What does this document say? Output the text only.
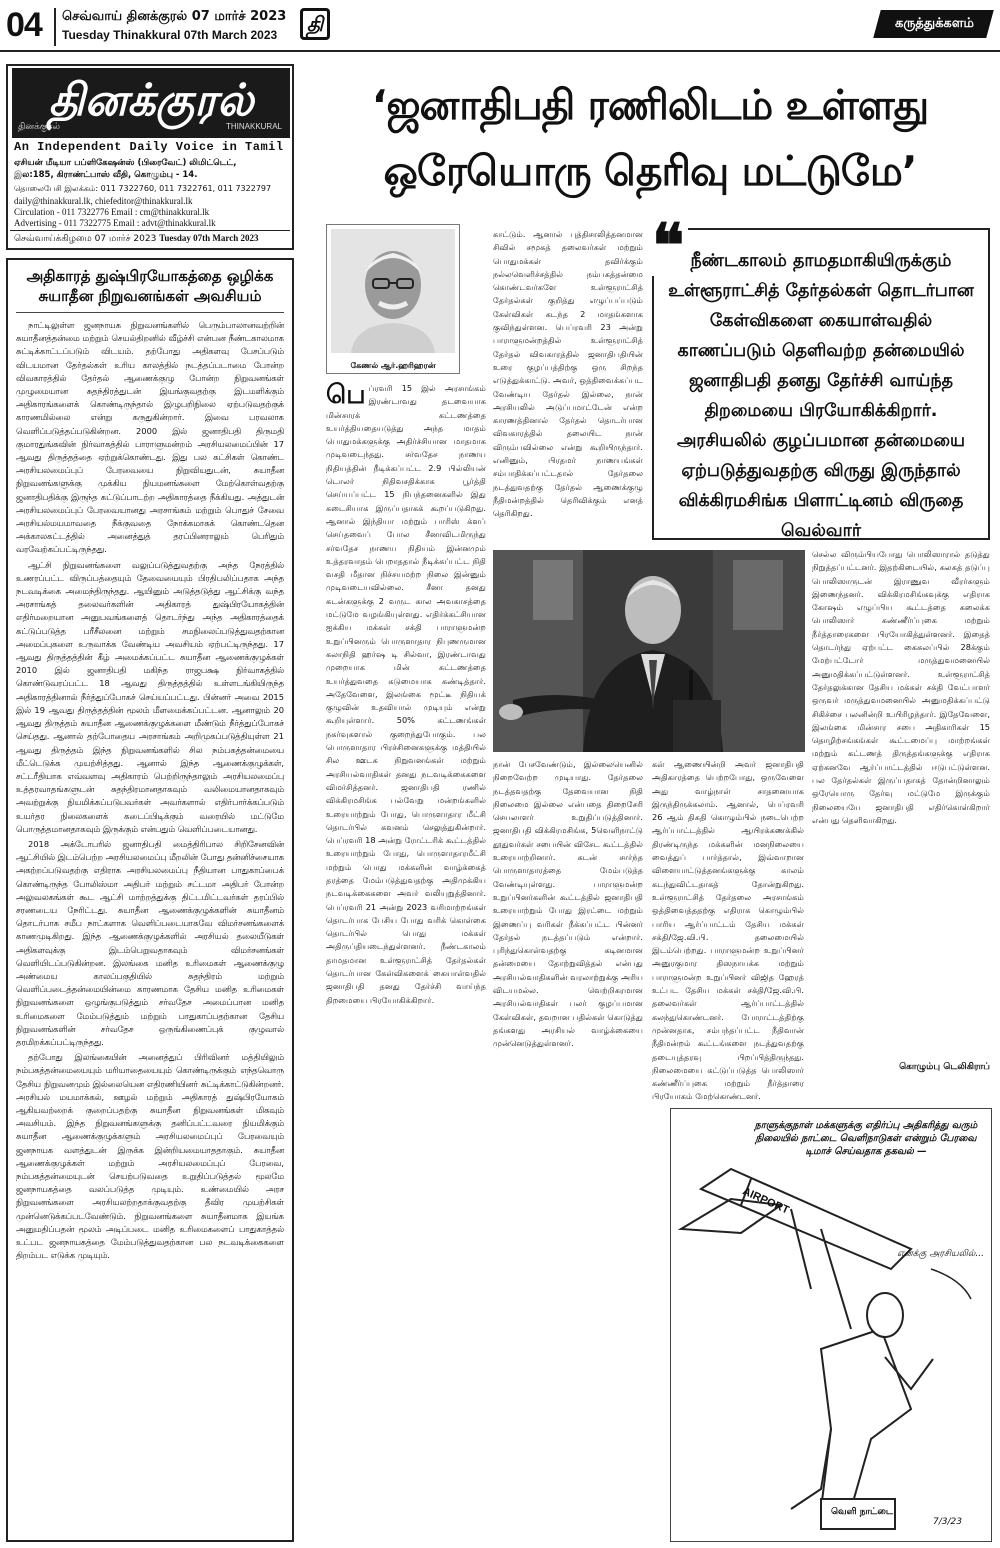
04 செவ்வாய் தினக்குரல் 07 மார்ச் 2023
Tuesday Thinakkural 07th March 2023	தி	கருத்துக்களம்
தினக்குரல்
தினக்குரல்	THINAKKURAL
An Independent Daily Voice in Tamil
ஏசியன் மீடியா பப்ளிகேஷன்ஸ் (பிரைவேட்) லிமிட்டெட்,
இல:185, கிராண்ட்பாஸ் வீதி, கொழும்பு - 14.
தொலைபேசி இலக்கம்: 011 7322760, 011 7322761, 011 7322797
daily@thinakkural.lk, chiefeditor@thinakkural.lk
Circulation - 011 7322776 Email : cm@thinakkural.lk
Advertising - 011 7322775 Email : advt@thinakkural.lk
செவ்வாய்க்கிழமை 07 மார்ச் 2023 Tuesday 07th March 2023
அதிகாரத் துஷ்பிரயோகத்தை ஒழிக்க
சுயாதீன நிறுவனங்கள் அவசியம்

நாட்டிலுள்ள ஜனநாயக நிறுவனங்களில் பெரும்பாலானவற்றின் சுயாதீனத்தன்மை மற்றும் செயல்திறனில் வீழ்ச்சி என்பன நீண்டகாலமாக சுட்டிக்காட்டப்படும் விடயம். தற்போது அதிகளவு பேசப்படும் விடயமான தேர்தல்கள் உரிய காலத்தில் நடத்தப்படாமை போன்ற விவகாரத்தில் தேர்தல் ஆணைக்குழு போன்ற நிறுவனங்கள் முழுமையான சுதந்திரத்துடன் இயங்குவதற்கு இடமளிக்கும் அதிகாரங்களைக் கொண்டிருந்தால் இழுபறிநிலை ஏற்படுவதற்குக் காரணமில்லை என்று கருதுகின்றார். இவை பரவலாக வெளிப்படுத்தப்படுகின்றன. 2000 இல் ஜனாதிபதி திருமதி குமாரதுங்கவின் நிர்வாகத்தில் பாராளுமன்றம் அரசியலமைப்பின் 17 ஆவது திருத்தத்தை ஏற்றுக்கொண்டது. இது பல கட்சிகள் கொண்ட அரசியலமைப்புப் பேரவையை நிறுவியதுடன், சுயாதீன நிறுவனங்களுக்கு முக்கிய நியமனங்களை மேற்கொள்வதற்கு ஜனாதிபதிக்கு இருந்த கட்டுப்பாடற்ற அதிகாரத்தை நீக்கியது. அத்துடன் அரசியலமைப்புப் பேரவையானது அரசாங்கம் மற்றும் பொதுச் சேவை அரசியல்மயமாவதை நீக்குவதை நோக்கமாகக் கொண்டதென அக்காலகட்டத்தில் அனைத்துத் தரப்பினராலும் பெரிதும் வரவேற்கப்பட்டிருந்தது.

ஆட்சி நிறுவனங்களை வலுப்படுத்துவதற்கு அந்த நேரத்தில் உணரப்பட்ட விருப்பத்தையும் தேவையையும் பிரதிபலிப்பதாக அந்த நடவடிக்கை அமைந்திருந்தது. ஆயினும் அடுத்தடுத்து ஆட்சிக்கு வந்த அரசாங்கத் தலைவர்களின் அதிகாரத் துஷ்பிரயோகத்தின் எதிர்மறையான அனுபவங்களைத் தொடர்ந்து அந்த அதிகாரத்தைக் கட்டுப்படுத்த பரீசீலனை மற்றும் சமநிலைப்படுத்துவதற்கான அமைப்புகளை உருவாக்க வேண்டிய அவசியம் ஏற்பட்டிருந்தது. 17 ஆவது திருத்தத்தின் கீழ் அமைக்கப்பட்ட சுயாதீன ஆணைக்குழுக்கள் 2010 இல் ஜனாதிபதி மகிந்த ராஜபக்ஷ நிர்வாகத்தில் கொண்டுவரப்பட்ட 18 ஆவது திருத்தத்தில் உள்ளடங்கியிருந்த அதிகாரத்தினால் நீர்த்துப்போகச் செய்யப்பட்டது. பின்னர் அவை 2015 இல் 19 ஆவது திருத்தத்தின் மூலம் மீளமைக்கப்பட்டன. ஆனாலும் 20 ஆவது திருத்தம் சுயாதீன ஆணைக்குழுக்களை மீண்டும் நீர்த்துப்போகச் செய்தது. ஆனால் தற்போதைய அரசாங்கம் அறிமுகப்படுத்தியுள்ள 21 ஆவது திருத்தம் இந்த நிறுவனங்களில் சில நம்பகத்தன்மையை மீட்டெடுக்க முயற்சித்தது. ஆனால் இந்த ஆணைக்குழுக்கள், சட்டரீதியாக எவ்வளவு அதிகாரம் பெற்றிருந்தாலும் அரசியலமைப்பு உத்தரவாதங்களுடன் சுதந்திரமானதாகவும் வலிமையானதாகவும் அவற்றுக்கு நியமிக்கப்படுபவர்கள் அவர்களால் எதிர்பார்க்கப்படும் உயர்தர நிலைகளைக் கடைப்பிடிக்கும் வரையில் மட்டுமே பொருத்தமானதாகவும் இருக்கும் என்பதும் வெளிப்படையானது.

2018 அக்டோபரில் ஜனாதிபதி மைத்திரிபால சிறிசேனவின் ஆட்சியில் இடம்பெற்ற அரசியலமைப்பு மீறலின் போது தன்னிச்சையாக அகற்றப்படுவதற்கு எதிராக அரசியலமைப்பு நீதியான பாதுகாப்பைக் கொண்டிருந்த போலிஸ்மா அதிபர் மற்றும் சட்டமா அதிபர் போன்ற அலுவலகங்கள் கூட ஆட்சி மாற்றத்துக்கு திட்டமிட்டவர்கள் தரப்பில் சரணடைய நேரிட்டது. சுயாதீன ஆணைக்குழுக்களின் சுயாதீனம் தொடர்பாக சமீப நாட்களாக வெளிப்படையாகவே விமர்சனங்களைக் காணமுடிகிறது. இந்த ஆணைக்குழுக்களில் அரசியல் தலையீடுகள் அதிகளவுக்கு இடம்பெறுவதாகவும் விமர்சனங்கள் வெளியிடப்படுகின்றன. இலங்கை மனித உரிமைகள் ஆணைக்குழு அண்மைய காலப்பகுதியில் சுதந்திரம் மற்றும் வெளிப்படைத்தன்மையின்மை காரணமாக தேசிய மனித உரிமைகள் நிறுவனங்களை ஒழுங்குபடுத்தும் சர்வதேச அமைப்பான மனித உரிமைகளை மேம்படுத்தும் மற்றும் பாதுகாப்பதற்கான தேசிய நிறுவனங்களின் சர்வதேச ஒருங்கிணைப்புக் குழுவால் தரமிறக்கப்பட்டிருந்தது.

தற்போது இலங்கையின் அனைத்துப் பிரிவினர் மத்தியிலும் நம்பகத்தன்மையையும் மரியாதையையும் கொண்டிருக்கும் எந்தவொரு தேசிய நிறுவனமும் இல்லையென எதிரணியினர் சுட்டிக்காட்டுகின்றனர். அரசியல் மயமாக்கல், ஊழல் மற்றும் அதிகாரத் துஷ்பிரயோகம் ஆகியவற்றைக் குறைப்பதற்கு சுயாதீன நிறுவனங்கள் மிகவும் அவசியம். இந்த நிறுவனங்களுக்கு தனிப்பட்டவரை நியமிக்கும் சுயாதீன ஆணைக்குழுக்களும் அரசியலமைப்புப் பேரவையும் ஜனநாயக வளத்துடன் இருக்க இன்றியமையாததாகும். சுயாதீன ஆணைக்குழுக்கள் மற்றும் அரசியலமைப்புப் பேரவை, நம்பகத்தன்மையுடன் செயற்படுவதை உறுதிப்படுத்தல் மூலமே ஜனநாயகத்தை வலப்படுத்த முடியும். உண்மையில் அரச நிறுவனங்களை அரசியலற்றதாக்குவதற்கு தீவிர முயற்சிகள் முன்னெடுக்கப்படவேண்டும். நிறுவனங்களை சுயாதீனமாக இயங்க அனுமதிப்பதன் மூலம் அடிப்படை மனித உரிமைகளைப் பாதுகாத்தல் உட்பட ஜனநாயகத்தை மேம்படுத்துவதற்கான பல நடவடிக்கைகளை திறம்பட எடுக்க முடியும்.

‘ஜனாதிபதி ரணிலிடம் உள்ளது
ஒரேயொரு தெரிவு மட்டுமே’
கேணல் ஆர்.ஹரிஹரன்
❝ நீண்டகாலம் தாமதமாகியிருக்கும் உள்ளூராட்சித் தேர்தல்கள் தொடர்பான கேள்விகளை கையாள்வதில் காணப்படும் தெளிவற்ற தன்மையில் ஜனாதிபதி தனது தேர்ச்சி வாய்ந்த திறமையை பிரயோகிக்கிறார். அரசியலில் குழப்பமான தன்மையை ஏற்படுத்துவதற்கு விருது இருந்தால் விக்கிரமசிங்க பிளாட்டினம் விருதை வெல்வார்

பெப்ரவரி 15 இல் அரசாங்கம் இரண்டாவது தடவையாக மின்சாரக் கட்டணத்தை உயர்த்தியதையடுத்து அந்த மாதம் பொதுமக்களுக்கு அதிர்ச்சியான மாதமாக முடிவடைந்தது. சர்வதேச நாணய நிதியத்தின் நீடிக்கப்பட்ட 2.9 பில்லியன் டொலர் நிதிவசதிக்காக பூர்த்தி செய்யப்பட்ட 15 நிபந்தனைகளில் இது கடைசியாக இருப்பதாகக் கூறப்படுகிறது. ஆனால் இந்தியா மற்றும் பாரிஸ் க்ளப் செய்தவைப் போல சீனாவிடமிருந்து சர்வதேச நாணய நிதியம் இன்னமும் உத்தரவாதம் பெறாததால் நீடிக்கப்பட்ட நிதி வசதி மீதான நிச்சயமற்ற நிலை இன்னும் முடிவடையவில்லை. சீனா தனது கடன்களுக்கு 2 வருட கால அவகாசத்தை மட்டுமே வழங்கியுள்ளது. எதிர்க்கட்சியான ஐக்கிய மக்கள் சக்தி பாராளுமன்ற உறுப்பினரும் பொருளாதார நிபுணருமான கலாநிதி ஹர்ஷ டி சில்வா, இரண்டாவது முறையாக மின் கட்டணத்தை உயர்த்துவதை கடுமையாக கண்டித்தார். அதேவேளை, இலங்கை மூட்டீ நிதியக் குழுவின் உதவியால் முடியும் என்று கூறியுள்ளார். 50% கட்டணங்கள் நகர்வுகளால் குறைந்துபோகும். பல பொருளாதார பிரச்சினைகளுக்கு மத்தியில் சில ஊடக நிறுவனங்கள் மற்றும் அரசியல்வாதிகள் தனது நடவடிக்கைகளை விமர்சித்தனர். ஜனாதிபதி ரணில் விக்கிரமசிங்க பல்வேறு மன்றங்களில் உரையாற்றும் போது, பொருளாதார மீட்சி தொடர்பில் கவனம் செலுத்துகின்றார். பெப்ரவரி 18 அன்று ரோட்டரிக் கூட்டத்தில் உரையாற்றும் போது, பொருளாதாரமீட்சி மற்றும் பொது மக்களின் வாழ்க்கைத் தரத்தை மேம்படுத்துவதற்கு அதிமுக்கிய நடவடிக்கைகளை அவர் வலியுறுத்தினார். பெப்ரவரி 21 அன்று 2023 வரிமாற்றங்கள் தொடர்பாக பேசிய போது வரிக் கொள்கை தொடர்பில் பொது மக்கள் அதிருப்தியடைந்துள்ளனர். நீண்டகாலம் தாமதமான உள்ளூராட்சித் தேர்தல்கள் தொடர்பான கேள்விகளைக் கையாள்வதில் ஜனாதிபதி தனது தேர்ச்சி வாய்ந்த திறமையை பிரயோகிக்கிறார்.

காட்டும். ஆனால் புத்திசாலித்தனமான சிவில் சமூகத் தலைவர்கள் மற்றும் பொதுமக்கள் தவிர்க்கும் நல்லவெளிச்சத்தில் நம்பகத்தன்மை கொண்டவர்களே உள்ளூராட்சித் தேர்தல்கள் குறித்து எழுப்பப்படும் கேள்விகள் கடந்த 2 மாதங்களாக குவிந்துள்ளன. பெப்ரவரி 23 அன்று பாராளுமன்றத்தில் உள்ளூராட்சித் தேர்தல் விவகாரத்தில் ஜனாதிபதியின் உரை குழப்பத்திற்கு ஒரு சிறந்த எடுத்துக்காட்டு. அவர், ஒத்திவைக்கப்பட வேண்டிய தேர்தல் இல்லை, நான் அரசியலில் அடுப்பமாட்டேன் என்ற காரணத்தினால் தேர்தல் தொடர்பான விவகாரத்தில் தலையிட நான் விரும்பவில்லை என்று கூறியிருந்தார். எனினும், பிரதமர் நாணயங்கள் சம்பாதிக்கப்பட்டதால் தேர்தலை நடத்துவதற்கு தேர்தல் ஆணைக்குழு நீதிமன்றத்தில் தெரிவிக்கும் எனத் தெரிகிறது.

நான் பேசவேண்டும், இல்லையெனில் நிறைவேற்ற முடியாது. தேர்தலை நடத்தவதற்கு தேவையான நிதி நிலைமை இல்லை என்பதை திறைசேரி செயலாளர் உறுதிப்படுத்தினார். ஜனாதிபதி விக்கிரமசிங்க, 5வெளிநாட்டு தூதுவர்கள் சபையின் விசேட கூட்டத்தில் உரையாற்றினார். கடன் சார்ந்த பொருளாதாரத்தை மேம்படுத்த வேண்டியுள்ளது. பாராளுமன்ற உறுப்பினர்களின் கூட்டத்தில் ஜனாதிபதி உரையாற்றும் போது இரட்டை மற்றும் இணைப்பு வரிகள் நீக்கப்பட்ட பின்னர் தேர்தல் நடத்தப்படும் என்றார். புரிந்துகொள்வதற்கு கடினமான தன்மையை தோற்றுவித்தல் என்பது அரசியல்வாதிகளின் வரலாற்றுக்கு அரிய விடயமல்ல. வெற்றிகரமான அரசியல்வாதிகள் பலர் குழப்பமான கேள்விகள், தவறான பதில்கள் கொடுத்து தங்களது அரசியல் வாழ்க்கையை முன்னெடுத்துள்ளனர்.

கள் ஆணையின்றி அவர் ஜனாதிபதி அதிகாரத்தை பெற்றபோது, ஒருவேளை அது வாழ்நாள் சாதனையாக இருந்திருக்கலாம். ஆனால், பெப்ரவரி 26 ஆம் திகதி கொழும்பில் நடைபெற்ற ஆர்ப்பாட்டத்தில் ஆயிரக்கணக்கில் திரண்டிருந்த மக்களின் மனநிலையை வைத்துப் பார்த்தால், இவ்வாறான விளையாட்டுத்தனங்களுக்கு காலம் கடந்துவிட்டதாகத் தோன்றுகிறது. உள்ளூராட்சித் தேர்தலை அரசாங்கம் ஒத்திவைத்ததற்கு எதிராக கொழும்பில் பாரிய ஆர்ப்பாட்டம் தேசிய மக்கள் சக்தி/ஜே.வி.பி. தலைமையில் இடம்பெற்றது. பாராளுமன்ற உறுப்பினர் அனுரகுமார திஸநாயக்க மற்றும் பாராளுமன்ற உறுப்பினர் விஜித ஹேரத் உட்பட தேசிய மக்கள் சக்தி/ஜே.வி.பி. தலைவர்கள் ஆர்ப்பாட்டத்தில் கலந்துகொண்டனர். போராட்டத்திற்கு முன்னதாக, சம்பந்தப்பட்ட நீதிவான் நீதிமன்றம் கூட்டங்களை நடத்துவதற்கு தடையுத்தரவு பிறப்பித்திருந்தது. நிலைமையை கட்டுப்படுத்த பொலிஸார் கண்ணீர்ப்புகை மற்றும் நீர்த்தாரை பிரயோகம் மேற்கொண்டனர்.

செல்ல விரும்பியபோது பொலிஸாரால் தடுத்து நிறுத்தப்பட்டனர். இதற்கிடையில், கலகத் தடுப்பு பொலிஸாருடன் இராணுவ வீரர்களும் இணைந்தனர். விக்கிரமசிங்கவுக்கு எதிராக கோஷம் எழுப்பிய கூட்டத்தை கலைக்க பொலிஸார் கண்ணீர்ப்புகை மற்றும் நீர்த்தாரைகளை பிரயோகித்துள்ளனர். இதைத் தொடர்ந்து ஏற்பட்ட கைகலப்பில் 28க்கும் மேற்பட்டோர் மருத்துவமனையில் அனுமதிக்கப்பட்டுள்ளனர். உள்ளூராட்சித் தேர்தலுக்கான தேசிய மக்கள் சக்தி வேட்பாளர் ஒருவர் மருத்துவமனையில் அனுமதிக்கப்பட்டு சிகிச்சை பலனின்றி உயிரிழந்தார். இதேவேளை, இலங்கை மின்சார சபை அதிகாரிகள் 15 தொழிற்சங்கங்கள் கூட்டமைப்பு மாற்றங்கள் மற்றும் கட்டணத் திருத்தங்களுக்கு எதிராக ஏற்கனவே ஆர்ப்பாட்டத்தில் ஈடுபட்டுள்ளன. பல தேர்தல்கள் இருப்பதாகத் தோன்றினாலும் ஒரேயொரு தேர்வு மட்டுமே இருக்கும் நிலையையே ஜனாதிபதி எதிர்கொள்கிறார் என்பது தெளிவாகிறது.

கொழும்பு டெலிகிராப்
நாளுக்குநாள் மக்களுக்கு எதிர்ப்பு அதிகரித்து வரும் நிலையில் நாட்டை வெளிநாடுகள் என்றும் பேரவை டிமாச் செய்வதாக தகவல் —
AIRPORT
எனக்கு அரசியலில்...
வெளி நாட்டை
7/3/23
